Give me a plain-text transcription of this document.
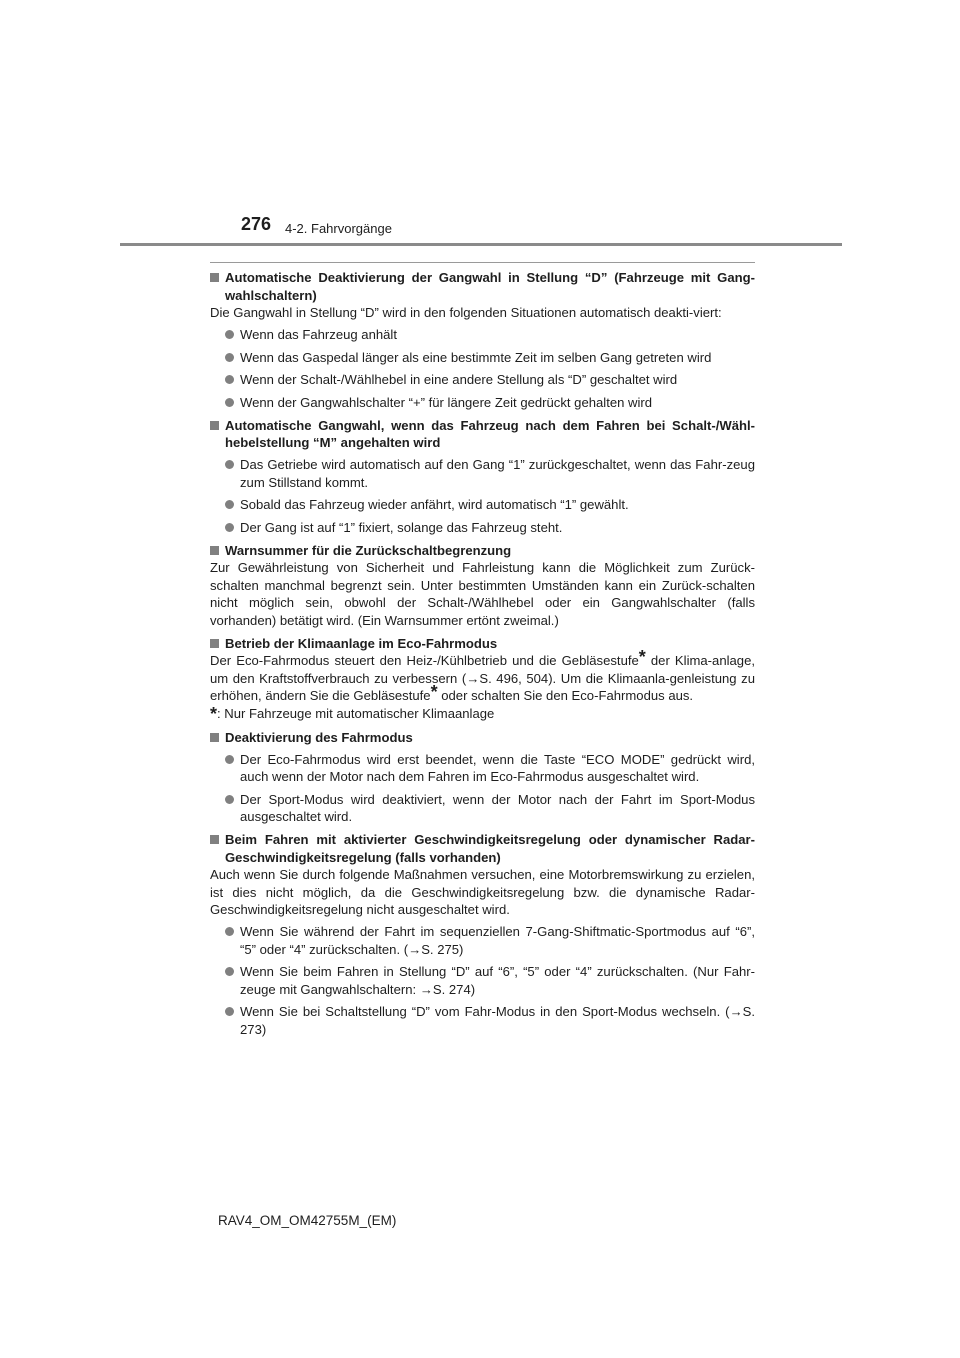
276 4-2. Fahrvorgänge

Automatische Deaktivierung der Gangwahl in Stellung “D” (Fahrzeuge mit Gang-wahlschaltern)

Die Gangwahl in Stellung “D” wird in den folgenden Situationen automatisch deakti-viert:

Wenn das Fahrzeug anhält

Wenn das Gaspedal länger als eine bestimmte Zeit im selben Gang getreten wird

Wenn der Schalt-/Wählhebel in eine andere Stellung als “D” geschaltet wird

Wenn der Gangwahlschalter “+” für längere Zeit gedrückt gehalten wird

Automatische Gangwahl, wenn das Fahrzeug nach dem Fahren bei Schalt-/Wähl-hebelstellung “M” angehalten wird

Das Getriebe wird automatisch auf den Gang “1” zurückgeschaltet, wenn das Fahr-zeug zum Stillstand kommt.

Sobald das Fahrzeug wieder anfährt, wird automatisch “1” gewählt.

Der Gang ist auf “1” fixiert, solange das Fahrzeug steht.

Warnsummer für die Zurückschaltbegrenzung

Zur Gewährleistung von Sicherheit und Fahrleistung kann die Möglichkeit zum Zurück-schalten manchmal begrenzt sein. Unter bestimmten Umständen kann ein Zurück-schalten nicht möglich sein, obwohl der Schalt-/Wählhebel oder ein Gangwahlschalter (falls vorhanden) betätigt wird. (Ein Warnsummer ertönt zweimal.)

Betrieb der Klimaanlage im Eco-Fahrmodus

Der Eco-Fahrmodus steuert den Heiz-/Kühlbetrieb und die Gebläsestufe* der Klima-anlage, um den Kraftstoffverbrauch zu verbessern (→S. 496, 504). Um die Klimaanla-genleistung zu erhöhen, ändern Sie die Gebläsestufe* oder schalten Sie den Eco-Fahrmodus aus.

*: Nur Fahrzeuge mit automatischer Klimaanlage

Deaktivierung des Fahrmodus

Der Eco-Fahrmodus wird erst beendet, wenn die Taste “ECO MODE” gedrückt wird, auch wenn der Motor nach dem Fahren im Eco-Fahrmodus ausgeschaltet wird.

Der Sport-Modus wird deaktiviert, wenn der Motor nach der Fahrt im Sport-Modus ausgeschaltet wird.

Beim Fahren mit aktivierter Geschwindigkeitsregelung oder dynamischer Radar-Geschwindigkeitsregelung (falls vorhanden)

Auch wenn Sie durch folgende Maßnahmen versuchen, eine Motorbremswirkung zu erzielen, ist dies nicht möglich, da die Geschwindigkeitsregelung bzw. die dynamische Radar-Geschwindigkeitsregelung nicht ausgeschaltet wird.

Wenn Sie während der Fahrt im sequenziellen 7-Gang-Shiftmatic-Sportmodus auf “6”, “5” oder “4” zurückschalten. (→S. 275)

Wenn Sie beim Fahren in Stellung “D” auf “6”, “5” oder “4” zurückschalten. (Nur Fahr-zeuge mit Gangwahlschaltern: →S. 274)

Wenn Sie bei Schaltstellung “D” vom Fahr-Modus in den Sport-Modus wechseln. (→S. 273)

RAV4_OM_OM42755M_(EM)
